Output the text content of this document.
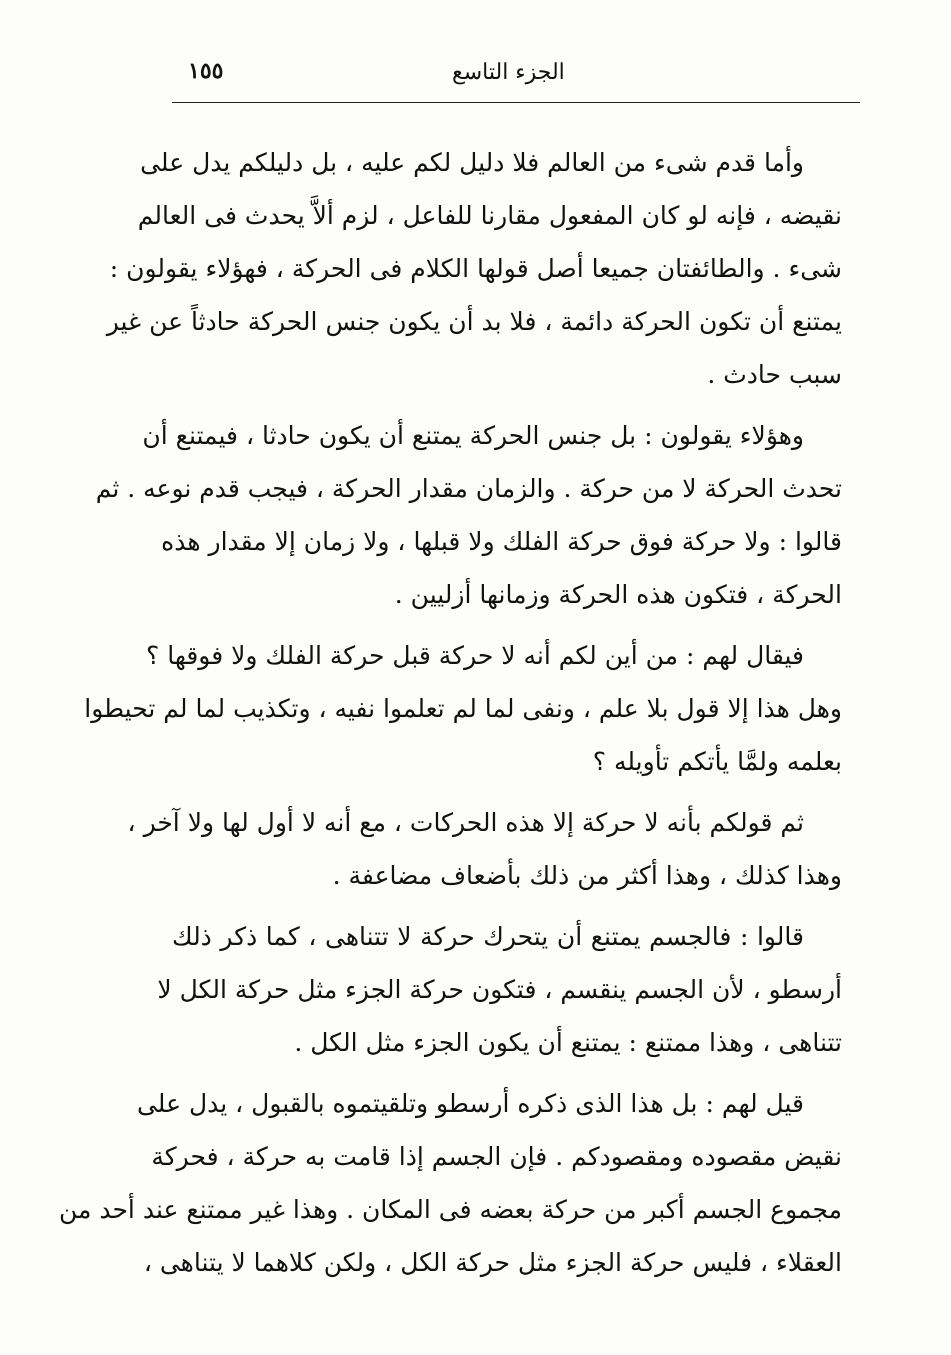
١٥٥	الجزء التاسع

وأما قدم شىء من العالم فلا دليل لكم عليه ، بل دليلكم يدل على
نقيضه ، فإنه لو كان المفعول مقارنا للفاعل ، لزم ألاَّ يحدث فى العالم
شىء . والطائفتان جميعا أصل قولها الكلام فى الحركة ، فهؤلاء يقولون :
يمتنع أن تكون الحركة دائمة ، فلا بد أن يكون جنس الحركة حادثاً عن غير
سبب حادث .

وهؤلاء يقولون : بل جنس الحركة يمتنع أن يكون حادثا ، فيمتنع أن
تحدث الحركة لا من حركة . والزمان مقدار الحركة ، فيجب قدم نوعه . ثم
قالوا : ولا حركة فوق حركة الفلك ولا قبلها ، ولا زمان إلا مقدار هذه
الحركة ، فتكون هذه الحركة وزمانها أزليين .

فيقال لهم : من أين لكم أنه لا حركة قبل حركة الفلك ولا فوقها ؟
وهل هذا إلا قول بلا علم ، ونفى لما لم تعلموا نفيه ، وتكذيب لما لم تحيطوا
بعلمه ولمَّا يأتكم تأويله ؟

ثم قولكم بأنه لا حركة إلا هذه الحركات ، مع أنه لا أول لها ولا آخر ،
وهذا كذلك ، وهذا أكثر من ذلك بأضعاف مضاعفة .

قالوا : فالجسم يمتنع أن يتحرك حركة لا تتناهى ، كما ذكر ذلك
أرسطو ، لأن الجسم ينقسم ، فتكون حركة الجزء مثل حركة الكل لا
تتناهى ، وهذا ممتنع : يمتنع أن يكون الجزء مثل الكل .

قيل لهم : بل هذا الذى ذكره أرسطو وتلقيتموه بالقبول ، يدل على
نقيض مقصوده ومقصودكم . فإن الجسم إذا قامت به حركة ، فحركة
مجموع الجسم أكبر من حركة بعضه فى المكان . وهذا غير ممتنع عند أحد من
العقلاء ، فليس حركة الجزء مثل حركة الكل ، ولكن كلاهما لا يتناهى ،
